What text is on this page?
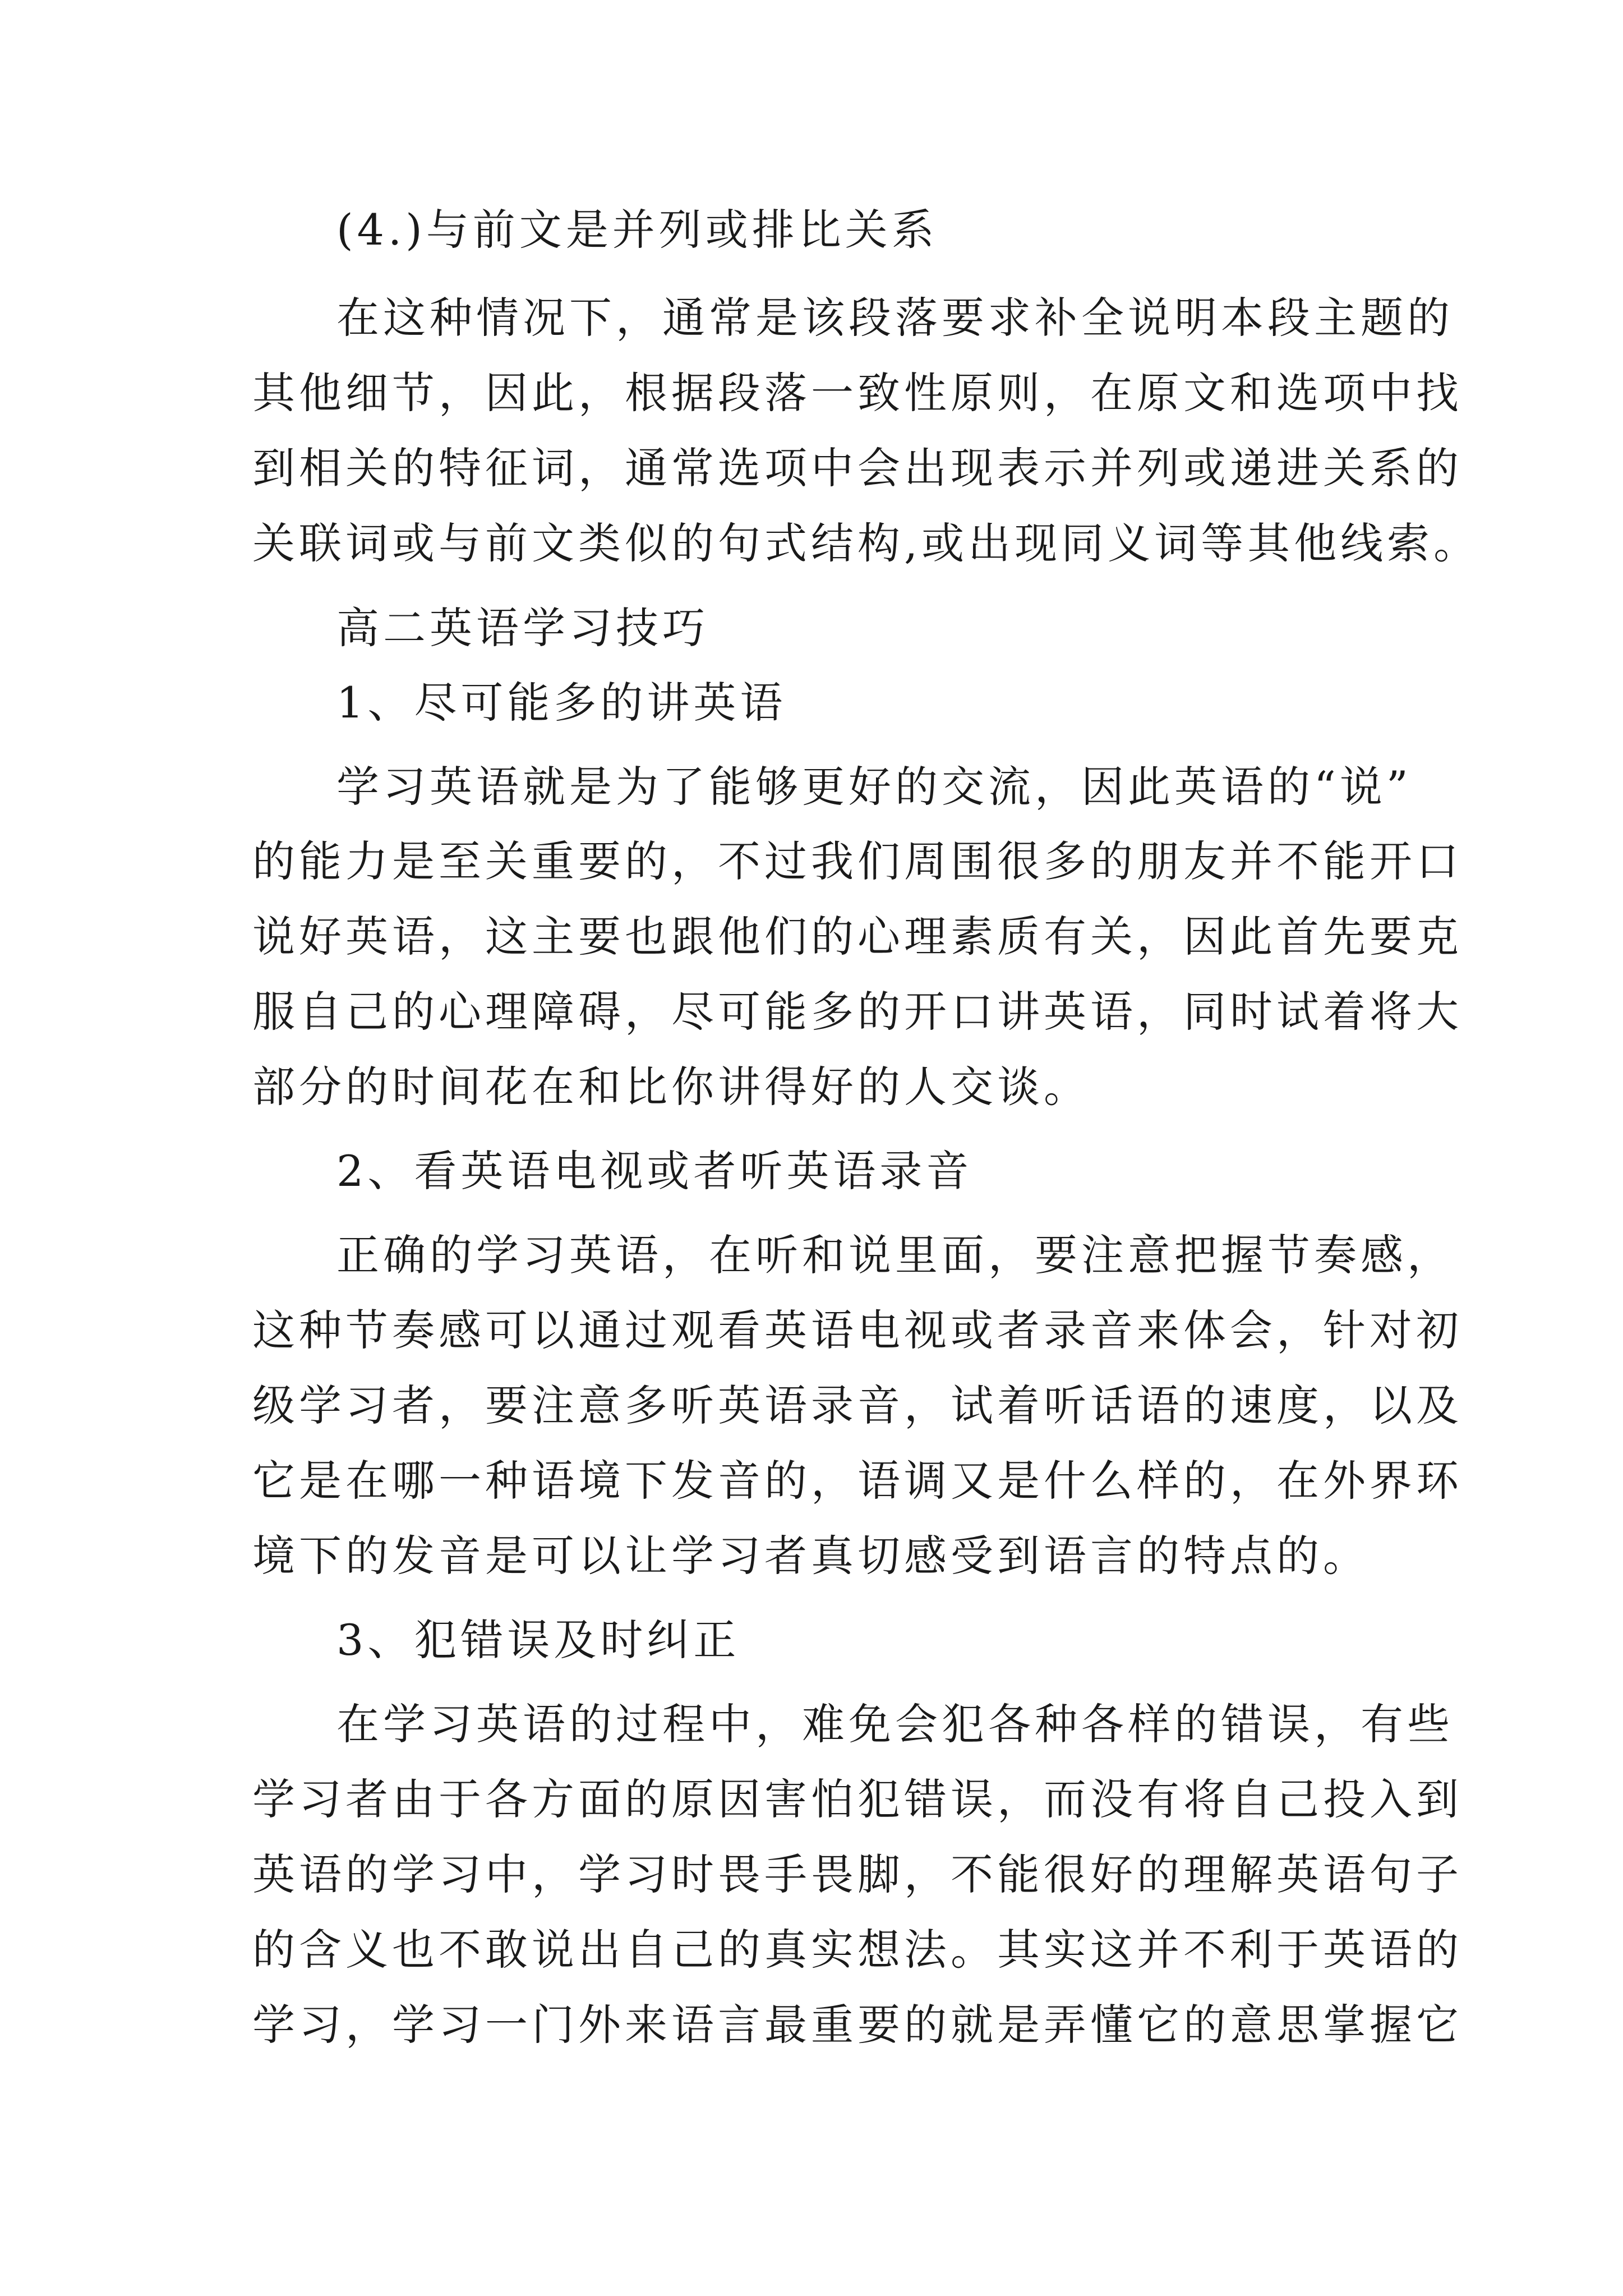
(4.)与前文是并列或排比关系
在这种情况下，通常是该段落要求补全说明本段主题的
其他细节，因此，根据段落一致性原则，在原文和选项中找
到相关的特征词，通常选项中会出现表示并列或递进关系的
关联词或与前文类似的句式结构,或出现同义词等其他线索。
高二英语学习技巧
1、尽可能多的讲英语
学习英语就是为了能够更好的交流，因此英语的“说”
的能力是至关重要的，不过我们周围很多的朋友并不能开口
说好英语，这主要也跟他们的心理素质有关，因此首先要克
服自己的心理障碍，尽可能多的开口讲英语，同时试着将大
部分的时间花在和比你讲得好的人交谈。
2、看英语电视或者听英语录音
正确的学习英语，在听和说里面，要注意把握节奏感，
这种节奏感可以通过观看英语电视或者录音来体会，针对初
级学习者，要注意多听英语录音，试着听话语的速度，以及
它是在哪一种语境下发音的，语调又是什么样的，在外界环
境下的发音是可以让学习者真切感受到语言的特点的。
3、犯错误及时纠正
在学习英语的过程中，难免会犯各种各样的错误，有些
学习者由于各方面的原因害怕犯错误，而没有将自己投入到
英语的学习中，学习时畏手畏脚，不能很好的理解英语句子
的含义也不敢说出自己的真实想法。其实这并不利于英语的
学习，学习一门外来语言最重要的就是弄懂它的意思掌握它
